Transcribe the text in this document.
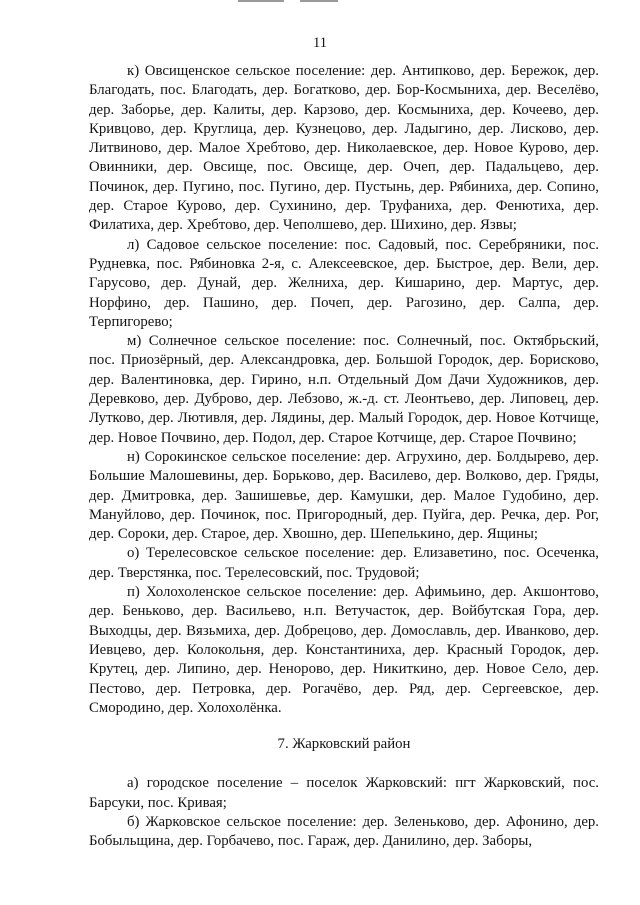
11

к) Овсищенское сельское поселение: дер. Антипково, дер. Бережок, дер. Благодать, пос. Благодать, дер. Богатково, дер. Бор-Космыниха, дер. Веселёво, дер. Заборье, дер. Калиты, дер. Карзово, дер. Космыниха, дер. Кочеево, дер. Кривцово, дер. Круглица, дер. Кузнецово, дер. Ладыгино, дер. Лисково, дер. Литвиново, дер. Малое Хребтово, дер. Николаевское, дер. Новое Курово, дер. Овинники, дер. Овсище, пос. Овсище, дер. Очеп, дер. Падальцево, дер. Починок, дер. Пугино, пос. Пугино, дер. Пустынь, дер. Рябиниха, дер. Сопино, дер. Старое Курово, дер. Сухинино, дер. Труфаниха, дер. Фенютиха, дер. Филатиха, дер. Хребтово, дер. Чеполшево, дер. Шихино, дер. Язвы;

л) Садовое сельское поселение: пос. Садовый, пос. Серебряники, пос. Рудневка, пос. Рябиновка 2-я, с. Алексеевское, дер. Быстрое, дер. Вели, дер. Гарусово, дер. Дунай, дер. Желниха, дер. Кишарино, дер. Мартус, дер. Норфино, дер. Пашино, дер. Почеп, дер. Рагозино, дер. Салпа, дер. Терпигорево;

м) Солнечное сельское поселение: пос. Солнечный, пос. Октябрьский, пос. Приозёрный, дер. Александровка, дер. Большой Городок, дер. Борисково, дер. Валентиновка, дер. Гирино, н.п. Отдельный Дом Дачи Художников, дер. Деревково, дер. Дуброво, дер. Лебзово, ж.-д. ст. Леонтьево, дер. Липовец, дер. Лутково, дер. Лютивля, дер. Лядины, дер. Малый Городок, дер. Новое Котчище, дер. Новое Почвино, дер. Подол, дер. Старое Котчище, дер. Старое Почвино;

н) Сорокинское сельское поселение: дер. Агрухино, дер. Болдырево, дер. Большие Малошевины, дер. Борьково, дер. Василево, дер. Волково, дер. Гряды, дер. Дмитровка, дер. Зашишевье, дер. Камушки, дер. Малое Гудобино, дер. Мануйлово, дер. Починок, пос. Пригородный, дер. Пуйга, дер. Речка, дер. Рог, дер. Сороки, дер. Старое, дер. Хвошно, дер. Шепелькино, дер. Ящины;

о) Терелесовское сельское поселение: дер. Елизаветино, пос. Осеченка, дер. Тверстянка, пос. Терелесовский, пос. Трудовой;

п) Холохоленское сельское поселение: дер. Афимьино, дер. Акшонтово, дер. Беньково, дер. Васильево, н.п. Ветучасток, дер. Войбутская Гора, дер. Выходцы, дер. Вязьмиха, дер. Добрецово, дер. Домославль, дер. Иванково, дер. Иевцево, дер. Колокольня, дер. Константиниха, дер. Красный Городок, дер. Крутец, дер. Липино, дер. Ненорово, дер. Никиткино, дер. Новое Село, дер. Пестово, дер. Петровка, дер. Рогачёво, дер. Ряд, дер. Сергеевское, дер. Смородино, дер. Холохолёнка.

7. Жарковский район

а) городское поселение – поселок Жарковский: пгт Жарковский, пос. Барсуки, пос. Кривая;

б) Жарковское сельское поселение: дер. Зеленьково, дер. Афонино, дер. Бобыльщина, дер. Горбачево, пос. Гараж, дер. Данилино, дер. Заборы,
